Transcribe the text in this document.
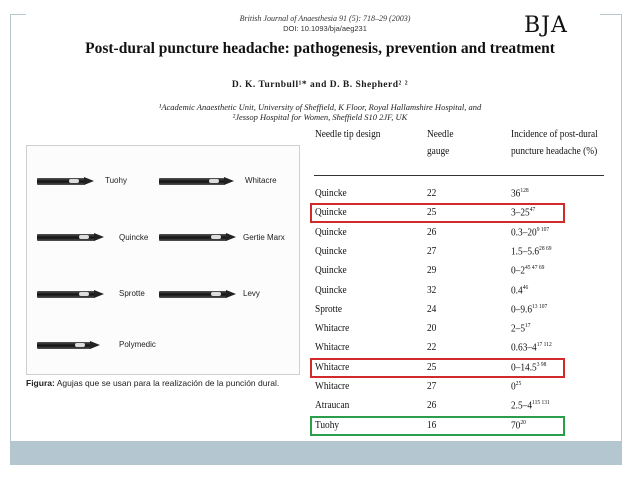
British Journal of Anaesthesia 91 (5): 718–29 (2003)
DOI: 10.1093/bja/aeg231	BJA
Post-dural puncture headache: pathogenesis, prevention and treatment
D. K. Turnbull¹* and D. B. Shepherd² ²
¹Academic Anaesthetic Unit, University of Sheffield, K Floor, Royal Hallamshire Hospital, and
²Jessop Hospital for Women, Sheffield S10 2JF, UK
Tuohy	Whitacre
Quincke	Gertie Marx
Sprotte	Levy
Polymedic
Figura: Agujas que se usan para la realización de la punción dural.
Needle tip design	Needle gauge
Incidence of post-dural puncture headache (%)
Quincke	22	$36^{128}$
Quincke	25	$3-25^{47}$
Quincke	26	$0.3-20^{9 107}$
Quincke	27	$1.5-5.6^{28 69}$
Quincke	29	$0-2^{45 47 69}$
Quincke	32	$0.4^{46}$
Sprotte	24	$0-9.6^{13 107}$
Whitacre	20	$2-5^{17}$
Whitacre	22	$0.63-4^{17 112}$
Whitacre	25	$0-14.5^{3 98}$
Whitacre	27	$0^{25}$
Atraucan	26	$2.5-4^{115 131}$
Tuohy	16	$70^{20}$
